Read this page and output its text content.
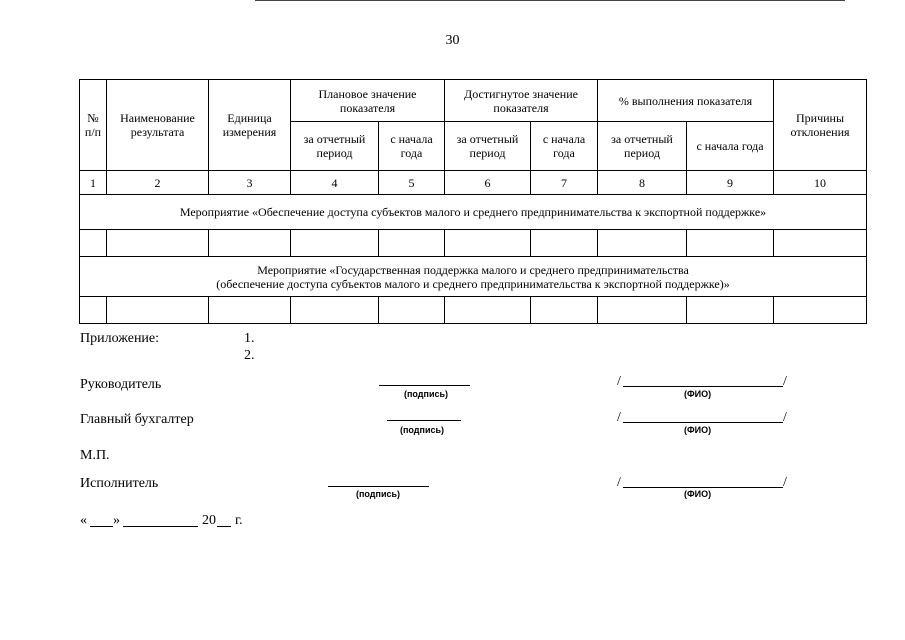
30
№ п/п	Наименование результата	Единица измерения	Плановое значение показателя		Достигнутое значение показателя		% выполнения показателя		Причины отклонения
			за отчетный период	с начала года	за отчетный период	с начала года	за отчетный период	с начала года	
1	2	3	4	5	6	7	8	9	10
Мероприятие «Обеспечение доступа субъектов малого и среднего предпринимательства к экспортной поддержке»									

Мероприятие «Государственная поддержка малого и среднего предпринимательства
(обеспечение доступа субъектов малого и среднего предпринимательства к экспортной поддержке)»									

Приложение:	1.
2.
Руководитель
(подпись)
/	/
(ФИО)
Главный бухгалтер
(подпись)
/	/
(ФИО)
М.П.
Исполнитель
(подпись)
/	/
(ФИО)
« »	20 г.
